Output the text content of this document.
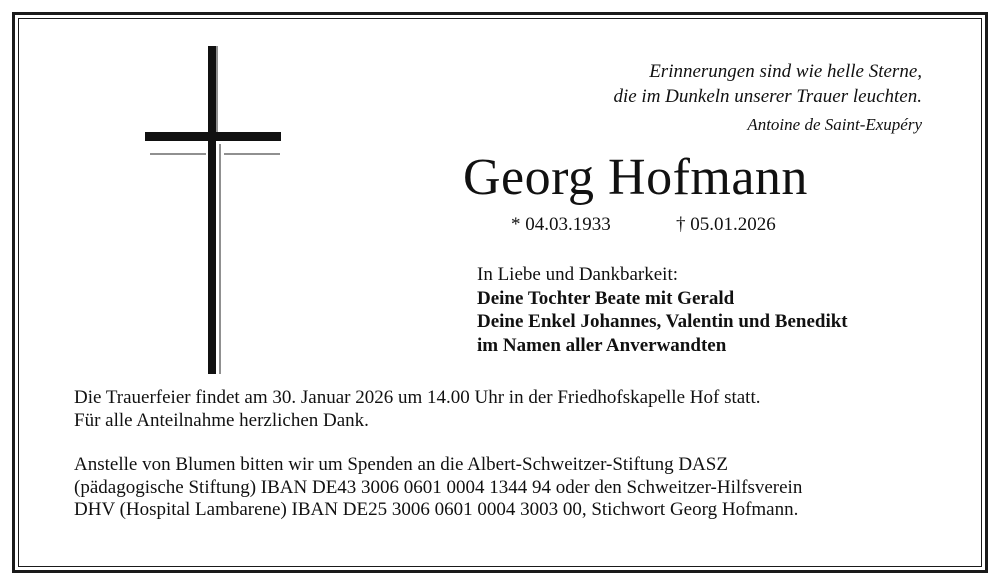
Erinnerungen sind wie helle Sterne,
die im Dunkeln unserer Trauer leuchten.
Antoine de Saint-Exupéry
Georg Hofmann
* 04.03.1933	† 05.01.2026
In Liebe und Dankbarkeit:
Deine Tochter Beate mit Gerald
Deine Enkel Johannes, Valentin und Benedikt
im Namen aller Anverwandten
Die Trauerfeier findet am 30. Januar 2026 um 14.00 Uhr in der Friedhofskapelle Hof statt.
Für alle Anteilnahme herzlichen Dank.
Anstelle von Blumen bitten wir um Spenden an die Albert-Schweitzer-Stiftung DASZ
(pädagogische Stiftung) IBAN DE43 3006 0601 0004 1344 94 oder den Schweitzer-Hilfsverein
DHV (Hospital Lambarene) IBAN DE25 3006 0601 0004 3003 00, Stichwort Georg Hofmann.
